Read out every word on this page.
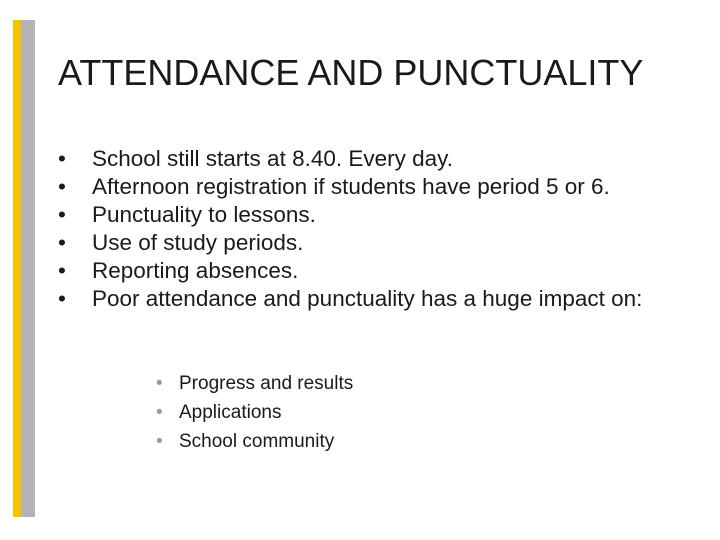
ATTENDANCE AND PUNCTUALITY
•	School still starts at 8.40. Every day.
•	Afternoon registration if students have period 5 or 6.
•	Punctuality to lessons.
•	Use of study periods.
•	Reporting absences.
•	Poor attendance and punctuality has a huge impact on:
• Progress and results
• Applications
• School community
